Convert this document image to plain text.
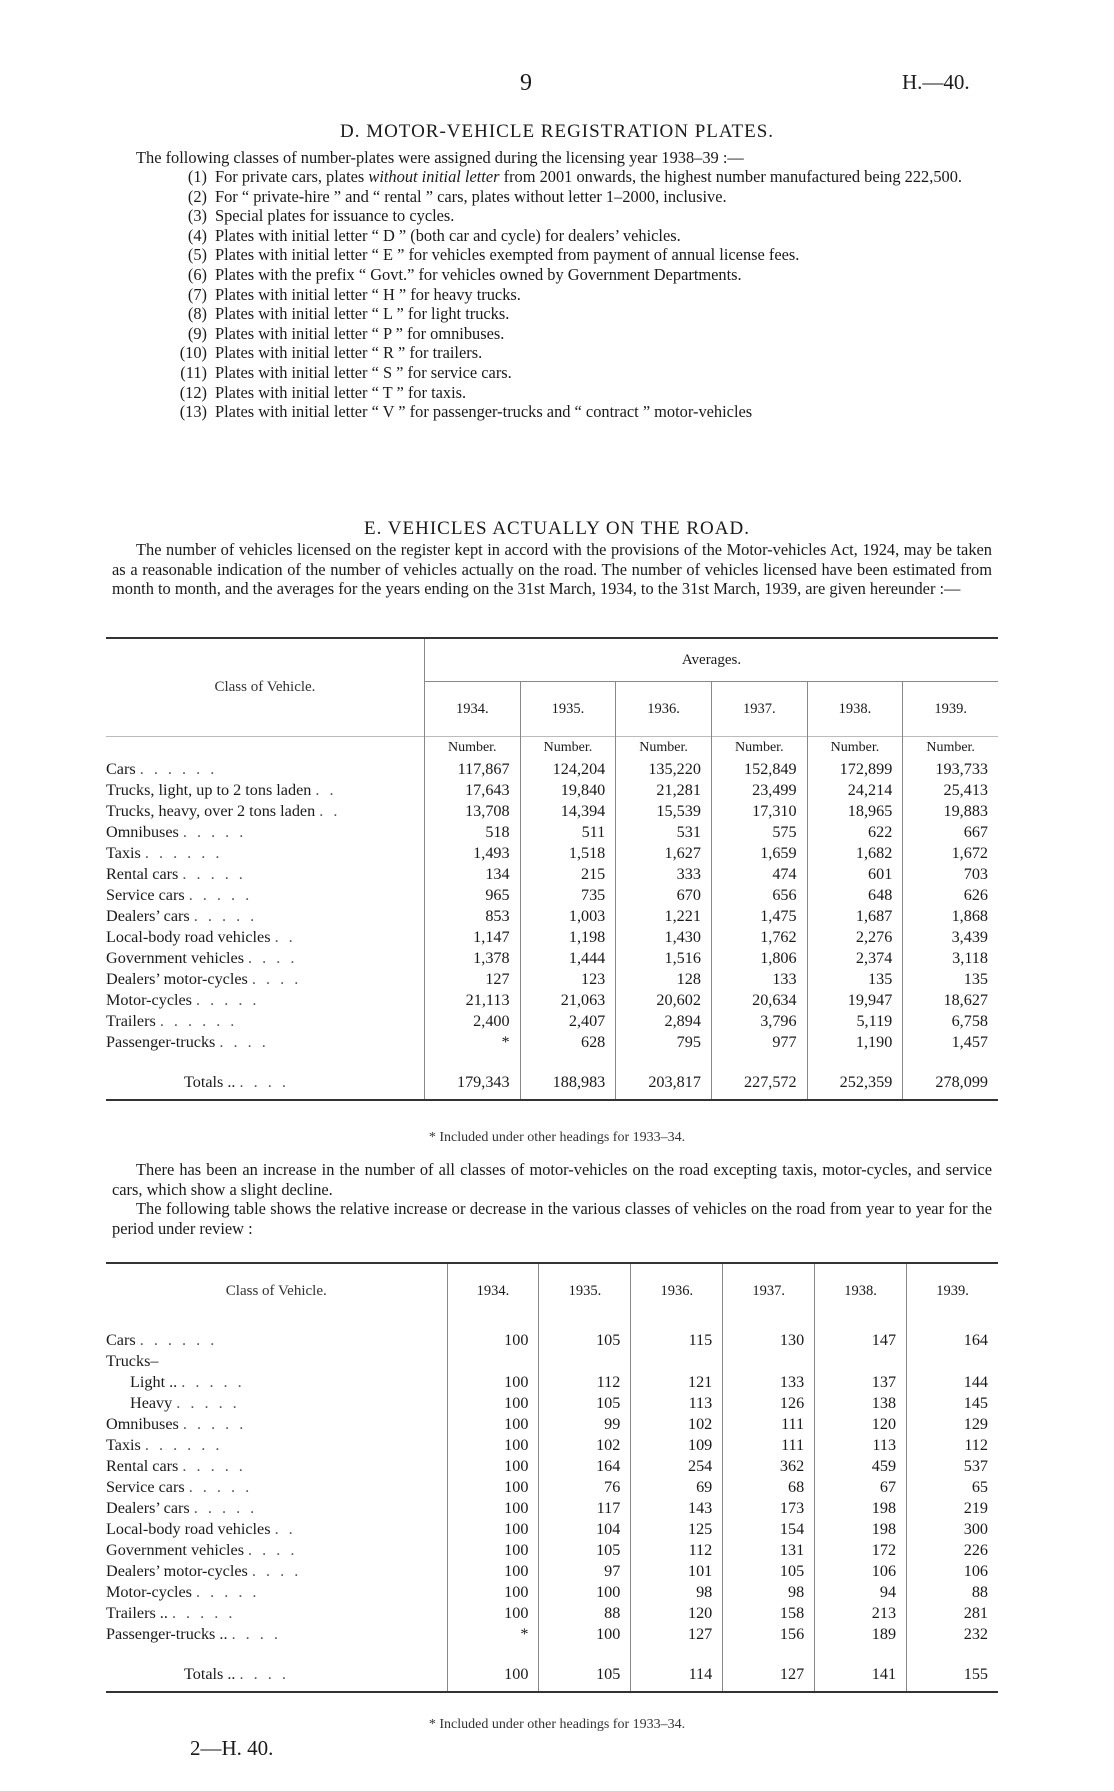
9	H.—40.
D. MOTOR-VEHICLE REGISTRATION PLATES.
The following classes of number-plates were assigned during the licensing year 1938–39 :—
(1) For private cars, plates without initial letter from 2001 onwards, the highest number manufactured being 222,500.
(2) For “ private-hire ” and “ rental ” cars, plates without letter 1–2000, inclusive.
(3) Special plates for issuance to cycles.
(4) Plates with initial letter “ D ” (both car and cycle) for dealers’ vehicles.
(5) Plates with initial letter “ E ” for vehicles exempted from payment of annual license fees.
(6) Plates with the prefix “ Govt.” for vehicles owned by Government Departments.
(7) Plates with initial letter “ H ” for heavy trucks.
(8) Plates with initial letter “ L ” for light trucks.
(9) Plates with initial letter “ P ” for omnibuses.
(10) Plates with initial letter “ R ” for trailers.
(11) Plates with initial letter “ S ” for service cars.
(12) Plates with initial letter “ T ” for taxis.
(13) Plates with initial letter “ V ” for passenger-trucks and “ contract ” motor-vehicles
E. VEHICLES ACTUALLY ON THE ROAD.
The number of vehicles licensed on the register kept in accord with the provisions of the Motor-vehicles Act, 1924, may be taken as a reasonable indication of the number of vehicles actually on the road. The number of vehicles licensed have been estimated from month to month, and the averages for the years ending on the 31st March, 1934, to the 31st March, 1939, are given hereunder :—
Class of Vehicle.	Averages.					
	1934.	1935.	1936.	1937.	1938.	1939.
	Number.	Number.	Number.	Number.	Number.	Number.
Cars . . . . . .	117,867	124,204	135,220	152,849	172,899	193,733
Trucks, light, up to 2 tons laden . .	17,643	19,840	21,281	23,499	24,214	25,413
Trucks, heavy, over 2 tons laden . .	13,708	14,394	15,539	17,310	18,965	19,883
Omnibuses . . . . .	518	511	531	575	622	667
Taxis . . . . . .	1,493	1,518	1,627	1,659	1,682	1,672
Rental cars . . . . .	134	215	333	474	601	703
Service cars . . . . .	965	735	670	656	648	626
Dealers’ cars . . . . .	853	1,003	1,221	1,475	1,687	1,868
Local-body road vehicles . .	1,147	1,198	1,430	1,762	2,276	3,439
Government vehicles . . . .	1,378	1,444	1,516	1,806	2,374	3,118
Dealers’ motor-cycles . . . .	127	123	128	133	135	135
Motor-cycles . . . . .	21,113	21,063	20,602	20,634	19,947	18,627
Trailers . . . . . .	2,400	2,407	2,894	3,796	5,119	6,758
Passenger-trucks . . . .	*	628	795	977	1,190	1,457

Totals .. . . . .	179,343	188,983	203,817	227,572	252,359	278,099
* Included under other headings for 1933–34.
There has been an increase in the number of all classes of motor-vehicles on the road excepting taxis, motor-cycles, and service cars, which show a slight decline.
The following table shows the relative increase or decrease in the various classes of vehicles on the road from year to year for the period under review :
Class of Vehicle.	1934.	1935.	1936.	1937.	1938.	1939.

Cars . . . . . .	100	105	115	130	147	164
Trucks–						
Light .. . . . . .	100	112	121	133	137	144
Heavy . . . . .	100	105	113	126	138	145
Omnibuses . . . . .	100	99	102	111	120	129
Taxis . . . . . .	100	102	109	111	113	112
Rental cars . . . . .	100	164	254	362	459	537
Service cars . . . . .	100	76	69	68	67	65
Dealers’ cars . . . . .	100	117	143	173	198	219
Local-body road vehicles . .	100	104	125	154	198	300
Government vehicles . . . .	100	105	112	131	172	226
Dealers’ motor-cycles . . . .	100	97	101	105	106	106
Motor-cycles . . . . .	100	100	98	98	94	88
Trailers .. . . . . .	100	88	120	158	213	281
Passenger-trucks .. . . . .	*	100	127	156	189	232

Totals .. . . . .	100	105	114	127	141	155
* Included under other headings for 1933–34.
2—H. 40.
